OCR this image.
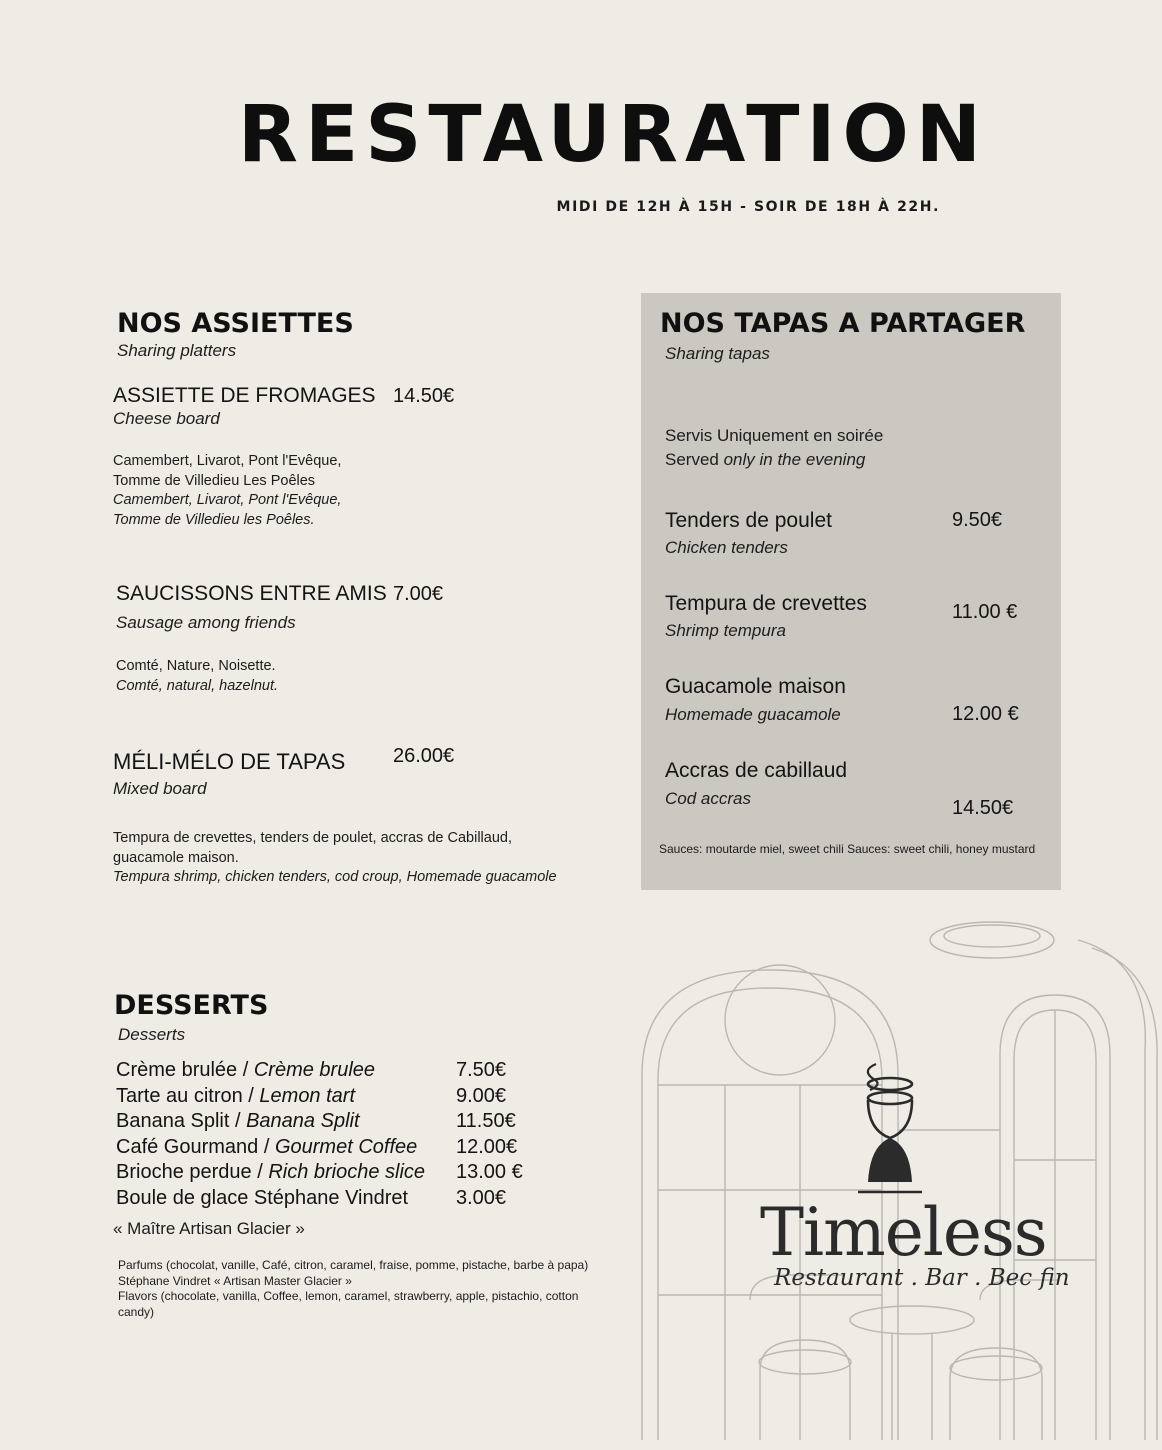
RESTAURATION
MIDI DE 12H À 15H - SOIR DE 18H À 22H.
NOS ASSIETTES
Sharing platters
ASSIETTE DE FROMAGES 14.50€
Cheese board
Camembert, Livarot, Pont l'Evêque, Tomme de Villedieu Les Poêles
Camembert, Livarot, Pont l'Evêque, Tomme de Villedieu les Poêles.
SAUCISSONS ENTRE AMIS 7.00€
Sausage among friends
Comté, Nature, Noisette.
Comté, natural, hazelnut.
MÉLI-MÉLO DE TAPAS 26.00€
Mixed board
Tempura de crevettes, tenders de poulet, accras de Cabillaud, guacamole maison.
Tempura shrimp, chicken tenders, cod croup, Homemade guacamole
NOS TAPAS A PARTAGER
Sharing tapas
Servis Uniquement en soirée
Served only in the evening
Tenders de poulet	9.50€
Chicken tenders
Tempura de crevettes	11.00 €
Shrimp tempura
Guacamole maison
12.00 €
Homemade guacamole
Accras de cabillaud
14.50€
Cod accras
Sauces: moutarde miel, sweet chili Sauces: sweet chili, honey mustard
Timeless
Restaurant . Bar . Bec fin
DESSERTS
Desserts
Crème brulée / Crème brulee
Tarte au citron / Lemon tart
Banana Split / Banana Split
Café Gourmand / Gourmet Coffee
Brioche perdue / Rich brioche slice
Boule de glace Stéphane Vindret
7.50€
9.00€
11.50€
12.00€
13.00 €
3.00€
« Maître Artisan Glacier »
Parfums (chocolat, vanille, Café, citron, caramel, fraise, pomme, pistache, barbe à papa)
Stéphane Vindret « Artisan Master Glacier »
Flavors (chocolate, vanilla, Coffee, lemon, caramel, strawberry, apple, pistachio, cotton candy)
